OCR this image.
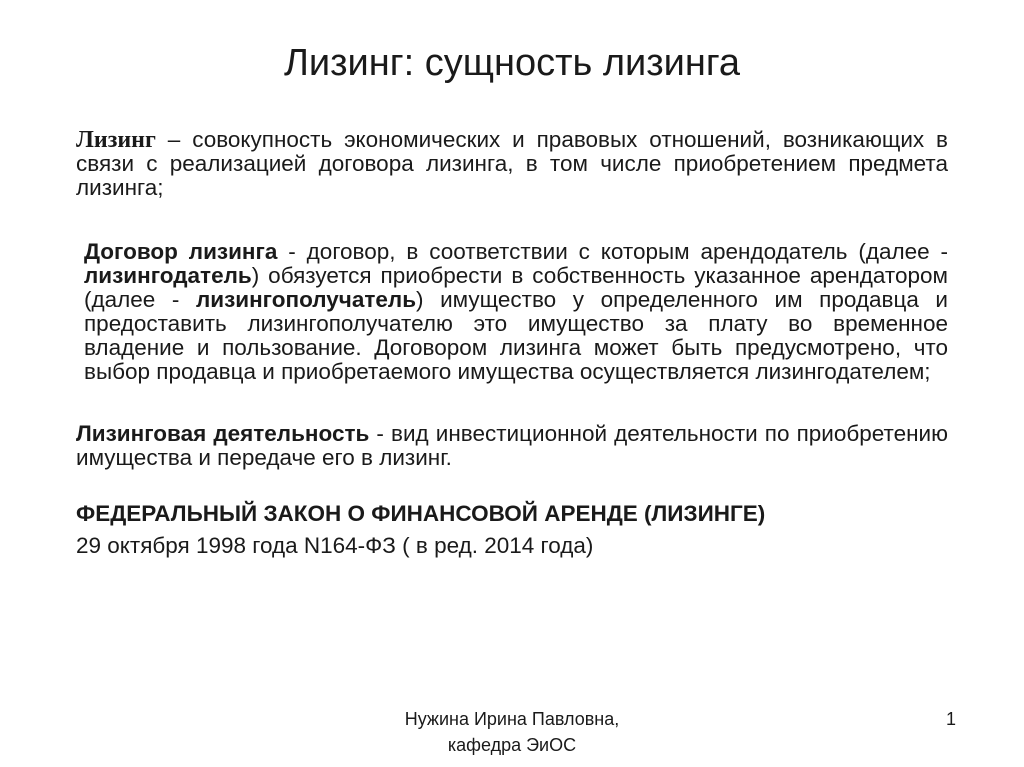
Лизинг: сущность лизинга

Лизинг – совокупность экономических и правовых отношений, возникающих в связи с реализацией договора лизинга, в том числе приобретением предмета лизинга;

Договор лизинга - договор, в соответствии с которым арендодатель (далее - лизингодатель) обязуется приобрести в собственность указанное арендатором (далее - лизингополучатель) имущество у определенного им продавца и предоставить лизингополучателю это имущество за плату во временное владение и пользование. Договором лизинга может быть предусмотрено, что выбор продавца и приобретаемого имущества осуществляется лизингодателем;

Лизинговая деятельность - вид инвестиционной деятельности по приобретению имущества и передаче его в лизинг.

ФЕДЕРАЛЬНЫЙ ЗАКОН О ФИНАНСОВОЙ АРЕНДЕ (ЛИЗИНГЕ)
29 октября 1998 года N164-ФЗ ( в ред. 2014 года)
Нужина Ирина Павловна,
кафедра ЭиОС
1
